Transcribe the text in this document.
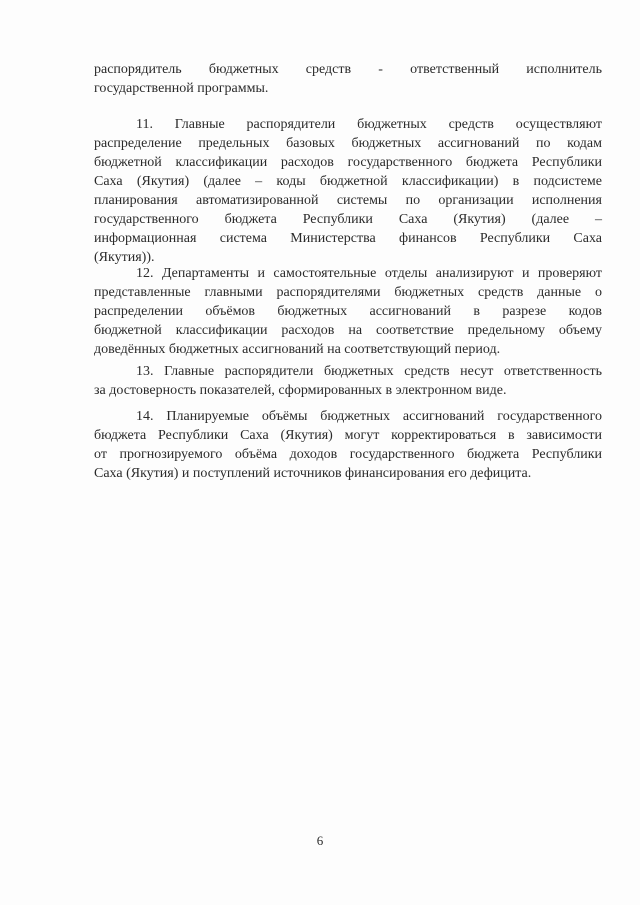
распорядитель бюджетных средств - ответственный исполнитель
государственной программы.
11. Главные распорядители бюджетных средств осуществляют
распределение предельных базовых бюджетных ассигнований по кодам
бюджетной классификации расходов государственного бюджета Республики
Саха (Якутия) (далее – коды бюджетной классификации) в подсистеме
планирования автоматизированной системы по организации исполнения
государственного бюджета Республики Саха (Якутия) (далее –
информационная система Министерства финансов Республики Саха
(Якутия)).
12. Департаменты и самостоятельные отделы анализируют и проверяют
представленные главными распорядителями бюджетных средств данные о
распределении объёмов бюджетных ассигнований в разрезе кодов
бюджетной классификации расходов на соответствие предельному объему
доведённых бюджетных ассигнований на соответствующий период.
13. Главные распорядители бюджетных средств несут ответственность
за достоверность показателей, сформированных в электронном виде.
14. Планируемые объёмы бюджетных ассигнований государственного
бюджета Республики Саха (Якутия) могут корректироваться в зависимости
от прогнозируемого объёма доходов государственного бюджета Республики
Саха (Якутия) и поступлений источников финансирования его дефицита.
6
